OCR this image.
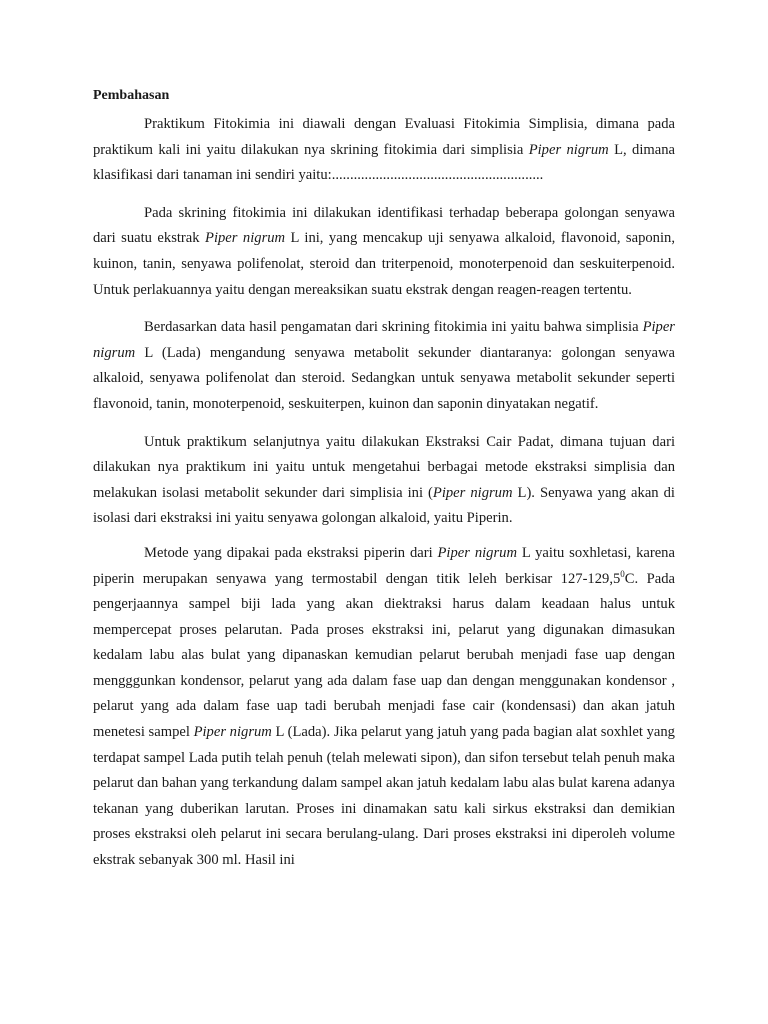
Pembahasan

Praktikum Fitokimia ini diawali dengan Evaluasi Fitokimia Simplisia, dimana pada praktikum kali ini yaitu dilakukan nya skrining fitokimia dari simplisia Piper nigrum L, dimana klasifikasi dari tanaman ini sendiri yaitu:..........................................................

Pada skrining fitokimia ini dilakukan identifikasi terhadap beberapa golongan senyawa dari suatu ekstrak Piper nigrum L ini, yang mencakup uji senyawa alkaloid, flavonoid, saponin, kuinon, tanin, senyawa polifenolat, steroid dan triterpenoid, monoterpenoid dan seskuiterpenoid. Untuk perlakuannya yaitu dengan mereaksikan suatu ekstrak dengan reagen-reagen tertentu.

Berdasarkan data hasil pengamatan dari skrining fitokimia ini yaitu bahwa simplisia Piper nigrum L (Lada) mengandung senyawa metabolit sekunder diantaranya: golongan senyawa alkaloid, senyawa polifenolat dan steroid. Sedangkan untuk senyawa metabolit sekunder seperti flavonoid, tanin, monoterpenoid, seskuiterpen, kuinon dan saponin dinyatakan negatif.

Untuk praktikum selanjutnya yaitu dilakukan Ekstraksi Cair Padat, dimana tujuan dari dilakukan nya praktikum ini yaitu untuk mengetahui berbagai metode ekstraksi simplisia dan melakukan isolasi metabolit sekunder dari simplisia ini (Piper nigrum L). Senyawa yang akan di isolasi dari ekstraksi ini yaitu senyawa golongan alkaloid, yaitu Piperin.

Metode yang dipakai pada ekstraksi piperin dari Piper nigrum L yaitu soxhletasi, karena piperin merupakan senyawa yang termostabil dengan titik leleh berkisar 127-129,5$^0$C. Pada pengerjaannya sampel biji lada yang akan diektraksi harus dalam keadaan halus untuk mempercepat proses pelarutan. Pada proses ekstraksi ini, pelarut yang digunakan dimasukan kedalam labu alas bulat yang dipanaskan kemudian pelarut berubah menjadi fase uap dengan mengggunkan kondensor, pelarut yang ada dalam fase uap dan dengan menggunakan kondensor , pelarut yang ada dalam fase uap tadi berubah menjadi fase cair (kondensasi) dan akan jatuh menetesi sampel Piper nigrum L (Lada). Jika pelarut yang jatuh yang pada bagian alat soxhlet yang terdapat sampel Lada putih telah penuh (telah melewati sipon), dan sifon tersebut telah penuh maka pelarut dan bahan yang terkandung dalam sampel akan jatuh kedalam labu alas bulat karena adanya tekanan yang duberikan larutan. Proses ini dinamakan satu kali sirkus ekstraksi dan demikian proses ekstraksi oleh pelarut ini secara berulang-ulang. Dari proses ekstraksi ini diperoleh volume ekstrak sebanyak 300 ml. Hasil ini
